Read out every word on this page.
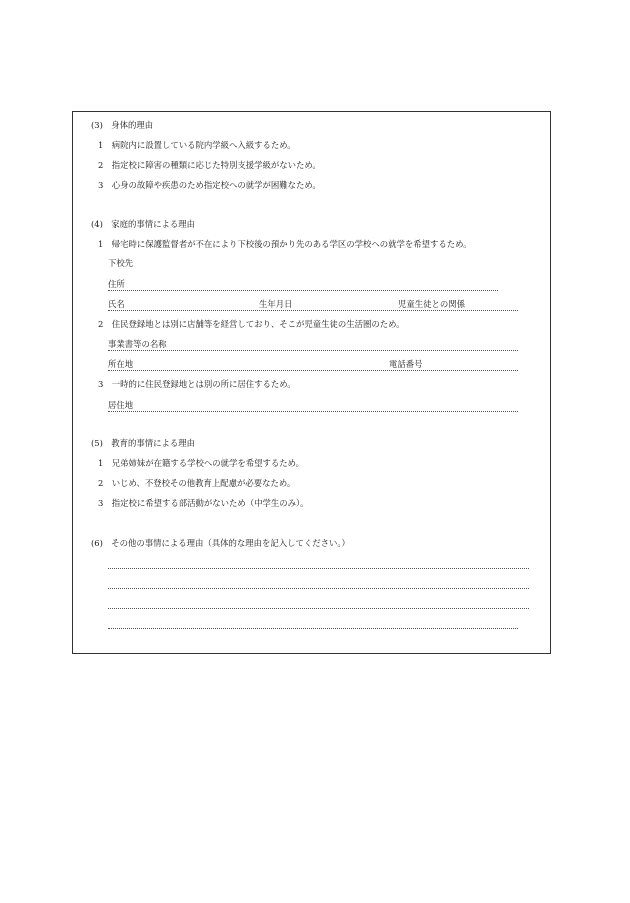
(3)　身体的理由
1　病院内に設置している院内学級へ入級するため。
2　指定校に障害の種類に応じた特別支援学級がないため。
3　心身の故障や疾患のため指定校への就学が困難なため。
(4)　家庭的事情による理由
1　帰宅時に保護監督者が不在により下校後の預かり先のある学区の学校への就学を希望するため。
下校先
住所
氏名	生年月日	児童生徒との関係
2　住民登録地とは別に店舗等を経営しており、そこが児童生徒の生活圏のため。
事業書等の名称
所在地	電話番号
3　一時的に住民登録地とは別の所に居住するため。
居住地
(5)　教育的事情による理由
1　兄弟姉妹が在籍する学校への就学を希望するため。
2　いじめ、不登校その他教育上配慮が必要なため。
3　指定校に希望する部活動がないため（中学生のみ）。
(6)　その他の事情による理由（具体的な理由を記入してください。）
